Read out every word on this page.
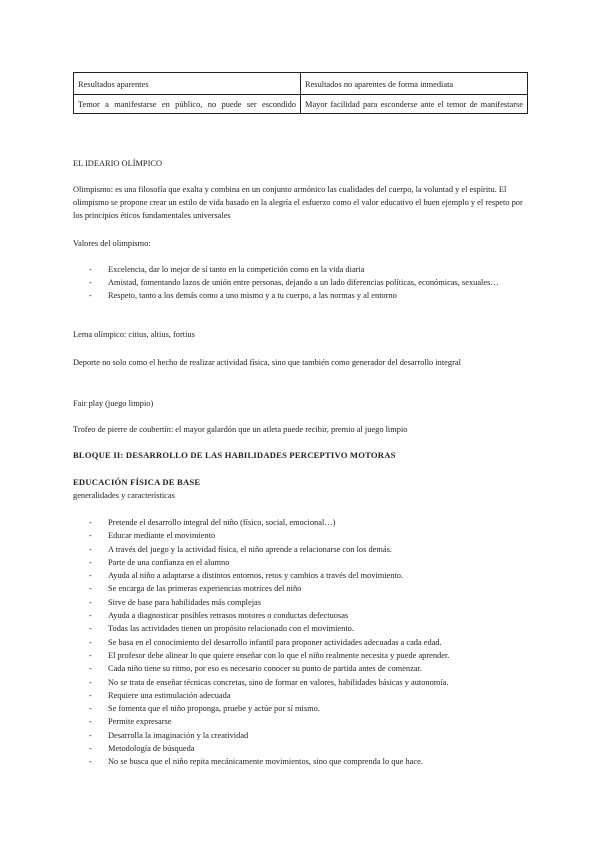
Resultados aparentes	Resultados no aparentes de forma inmediata
Temor a manifestarse en público, no puede ser escondido	Mayor facilidad para esconderse ante el temor de manifestarse

EL IDEARIO OLÍMPICO

Olimpismo: es una filosofía que exalta y combina en un conjunto armónico las cualidades del cuerpo, la voluntad y el espíritu. El olimpismo se propone crear un estilo de vida basado en la alegría el esfuerzo como el valor educativo el buen ejemplo y el respeto por los principios éticos fundamentales universales

Valores del olimpismo:

- Excelencia, dar lo mejor de sí tanto en la competición como en la vida diaria
- Amistad, fomentando lazos de unión entre personas, dejando a un lado diferencias políticas, económicas, sexuales…
- Respeto, tanto a los demás como a uno mismo y a tu cuerpo, a las normas y al entorno

Lema olímpico: citius, altius, fortius

Deporte no solo como el hecho de realizar actividad física, sino que también como generador del desarrollo integral

Fair play (juego limpio)

Trofeo de pierre de coubertín: el mayor galardón que un atleta puede recibir, premio al juego limpio

BLOQUE II: DESARROLLO DE LAS HABILIDADES PERCEPTIVO MOTORAS

EDUCACIÓN FÍSICA DE BASE

generalidades y características

- Pretende el desarrollo integral del niño (físico, social, emocional…)
- Educar mediante el movimiento
- A través del juego y la actividad física, el niño aprende a relacionarse con los demás.
- Parte de una confianza en el alumno
- Ayuda al niño a adaptarse a distintos entornos, retos y cambios a través del movimiento.
- Se encarga de las primeras experiencias motrices del niño
- Sirve de base para habilidades más complejas
- Ayuda a diagnosticar posibles retrasos motores o conductas defectuosas
- Todas las actividades tienen un propósito relacionado con el movimiento.
- Se basa en el conocimiento del desarrollo infantil para proponer actividades adecuadas a cada edad.
- El profesor debe alinear lo que quiere enseñar con lo que el niño realmente necesita y puede aprender.
- Cada niño tiene su ritmo, por eso es necesario conocer su punto de partida antes de comenzar.
- No se trata de enseñar técnicas concretas, sino de formar en valores, habilidades básicas y autonomía.
- Requiere una estimulación adecuada
- Se fomenta que el niño proponga, pruebe y actúe por sí mismo.
- Permite expresarse
- Desarrolla la imaginación y la creatividad
- Metodología de búsqueda
- No se busca que el niño repita mecánicamente movimientos, sino que comprenda lo que hace.
